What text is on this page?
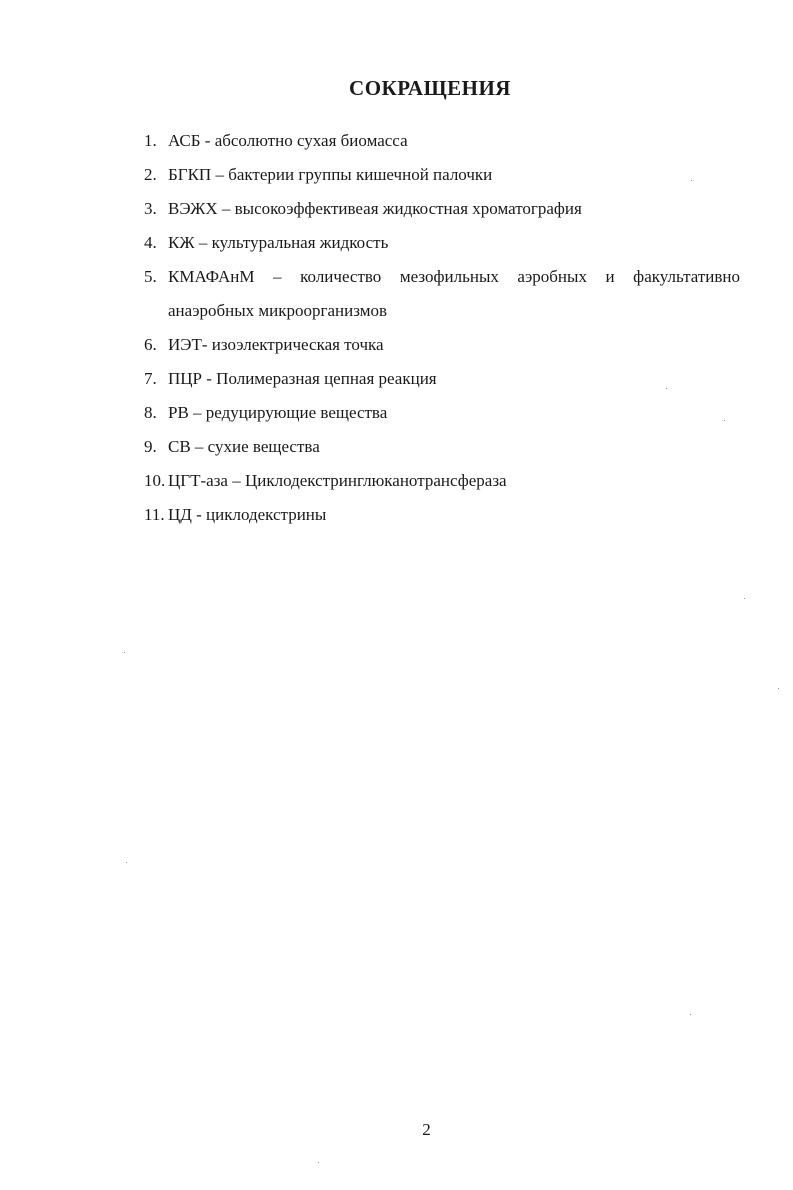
СОКРАЩЕНИЯ
1. АСБ - абсолютно сухая биомасса
2. БГКП – бактерии группы кишечной палочки
3. ВЭЖХ – высокоэффективеая жидкостная хроматография
4. КЖ – культуральная жидкость
5. КМАФАнМ – количество мезофильных аэробных и факультативно
анаэробных микроорганизмов
6. ИЭТ- изоэлектрическая точка
7. ПЦР - Полимеразная цепная реакция
8. РВ – редуцирующие вещества
9. СВ – сухие вещества
10. ЦГТ-аза – Циклодекстринглюканотрансфераза
11. ЦД - циклодекстрины
2
